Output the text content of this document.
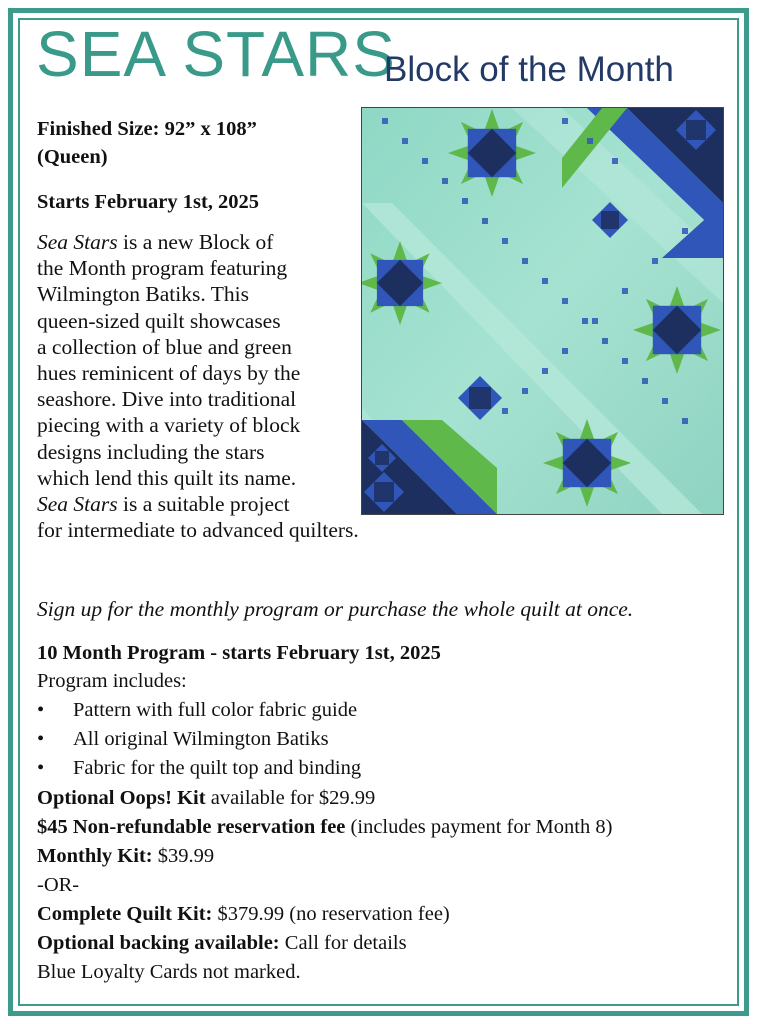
SEA STARS
Block of the Month
Finished Size: 92” x 108”
(Queen)
Starts February 1st, 2025
Sea Stars is a new Block of
the Month program featuring
Wilmington Batiks. This
queen-sized quilt showcases
a collection of blue and green
hues reminicent of days by the
seashore. Dive into traditional
piecing with a variety of block
designs including the stars
which lend this quilt its name.
Sea Stars is a suitable project
for intermediate to advanced quilters.
Sign up for the monthly program or purchase the whole quilt at once.
10 Month Program - starts February 1st, 2025
Program includes:
• Pattern with full color fabric guide
• All original Wilmington Batiks
• Fabric for the quilt top and binding
Optional Oops! Kit available for $29.99
$45 Non-refundable reservation fee (includes payment for Month 8)
Monthly Kit: $39.99
-OR-
Complete Quilt Kit: $379.99 (no reservation fee)
Optional backing available: Call for details
Blue Loyalty Cards not marked.
